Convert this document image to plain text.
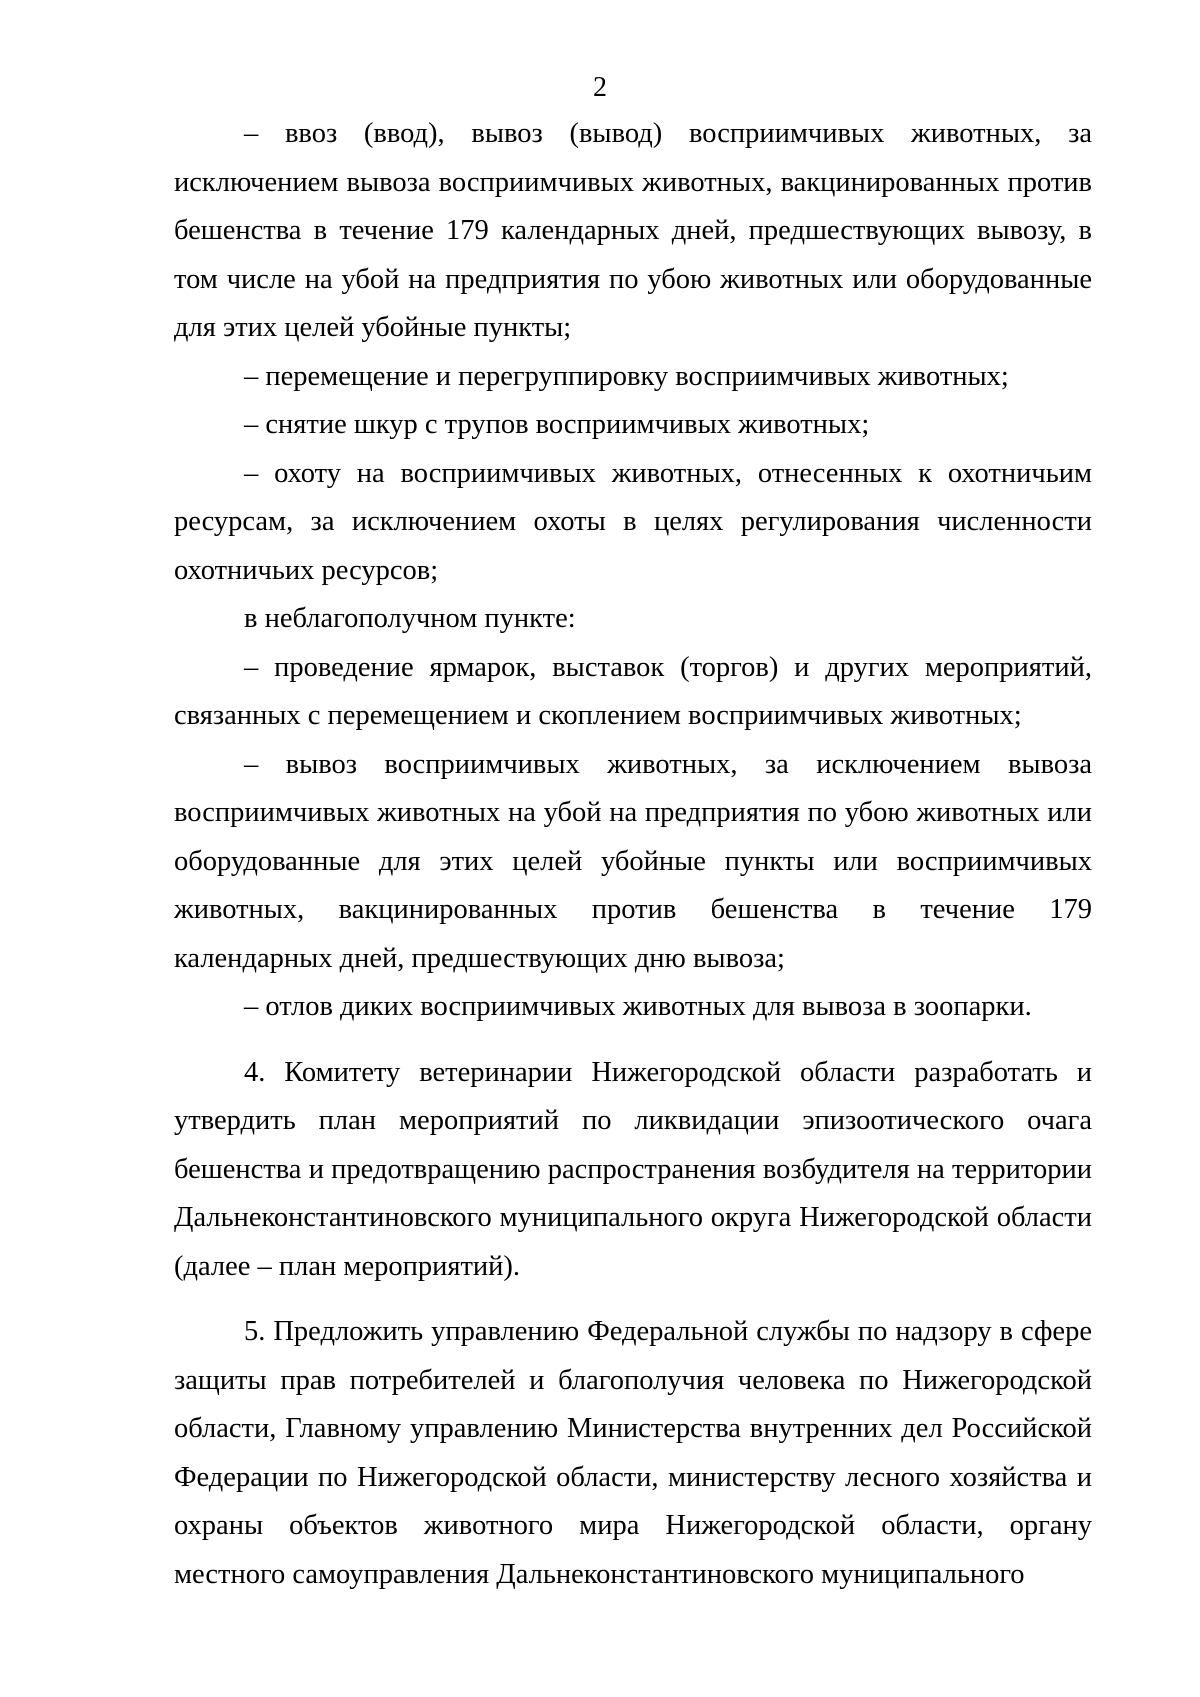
2

– ввоз (ввод), вывоз (вывод) восприимчивых животных, за исключением вывоза восприимчивых животных, вакцинированных против бешенства в течение 179 календарных дней, предшествующих вывозу, в том числе на убой на предприятия по убою животных или оборудованные для этих целей убойные пункты;

– перемещение и перегруппировку восприимчивых животных;

– снятие шкур с трупов восприимчивых животных;

– охоту на восприимчивых животных, отнесенных к охотничьим ресурсам, за исключением охоты в целях регулирования численности охотничьих ресурсов;

в неблагополучном пункте:

– проведение ярмарок, выставок (торгов) и других мероприятий, связанных с перемещением и скоплением восприимчивых животных;

– вывоз восприимчивых животных, за исключением вывоза восприимчивых животных на убой на предприятия по убою животных или оборудованные для этих целей убойные пункты или восприимчивых животных, вакцинированных против бешенства в течение 179 календарных дней, предшествующих дню вывоза;

– отлов диких восприимчивых животных для вывоза в зоопарки.

4. Комитету ветеринарии Нижегородской области разработать и утвердить план мероприятий по ликвидации эпизоотического очага бешенства и предотвращению распространения возбудителя на территории Дальнеконстантиновского муниципального округа Нижегородской области (далее – план мероприятий).

5. Предложить управлению Федеральной службы по надзору в сфере защиты прав потребителей и благополучия человека по Нижегородской области, Главному управлению Министерства внутренних дел Российской Федерации по Нижегородской области, министерству лесного хозяйства и охраны объектов животного мира Нижегородской области, органу местного самоуправления Дальнеконстантиновского муниципального
